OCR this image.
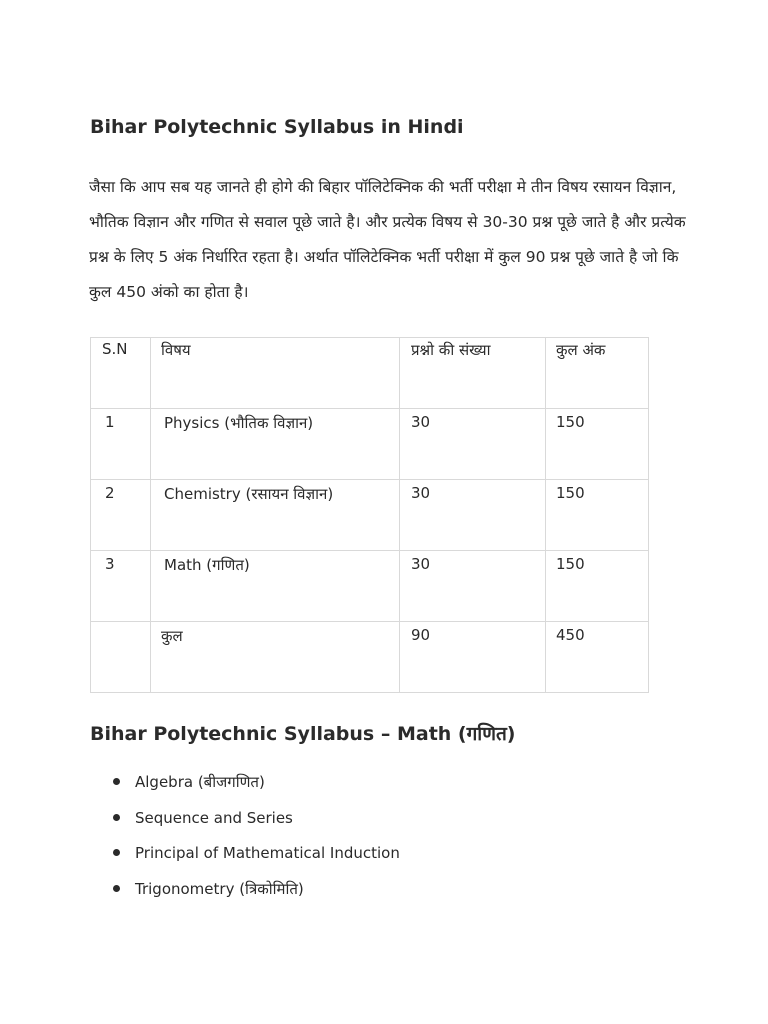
Bihar Polytechnic Syllabus in Hindi

जैसा कि आप सब यह जानते ही होगे की बिहार पॉलिटेक्निक की भर्ती परीक्षा मे तीन विषय रसायन विज्ञान, भौतिक विज्ञान और गणित से सवाल पूछे जाते है। और प्रत्येक विषय से 30-30 प्रश्न पूछे जाते है और प्रत्येक प्रश्न के लिए 5 अंक निर्धारित रहता है। अर्थात पॉलिटेक्निक भर्ती परीक्षा में कुल 90 प्रश्न पूछे जाते है जो कि कुल 450 अंको का होता है।

S.N	विषय	प्रश्नो की संख्या	कुल अंक

1	Physics (भौतिक विज्ञान)	30	150

2	Chemistry (रसायन विज्ञान)	30	150

3	Math (गणित)	30	150

	कुल	90	450
Bihar Polytechnic Syllabus – Math (गणित)
Algebra (बीजगणित)
Sequence and Series
Principal of Mathematical Induction
Trigonometry (त्रिकोमिति)
